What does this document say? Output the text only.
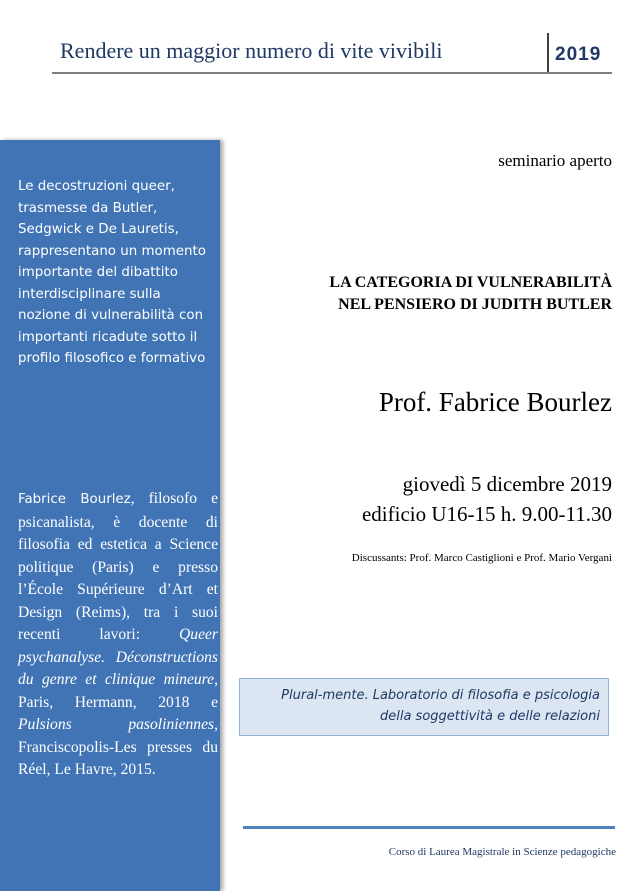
Rendere un maggior numero di vite vivibili	2019
Le decostruzioni queer, trasmesse da Butler, Sedgwick e De Lauretis, rappresentano un momento importante del dibattito interdisciplinare sulla nozione di vulnerabilità con importanti ricadute sotto il profilo filosofico e formativo
Fabrice Bourlez, filosofo e psicanalista, è docente di filosofia ed estetica a Science politique (Paris) e presso l’École Supérieure d’Art et Design (Reims), tra i suoi recenti lavori: Queer psychanalyse. Déconstructions du genre et clinique mineure, Paris, Hermann, 2018 e Pulsions pasoliniennes, Franciscopolis-Les presses du Réel, Le Havre, 2015.
seminario aperto
LA CATEGORIA DI VULNERABILITÀ
NEL PENSIERO DI JUDITH BUTLER
Prof. Fabrice Bourlez
giovedì 5 dicembre 2019
edificio U16-15 h. 9.00-11.30
Discussants: Prof. Marco Castiglioni e Prof. Mario Vergani
Plural-mente. Laboratorio di filosofia e psicologia
della soggettività e delle relazioni
Corso di Laurea Magistrale in Scienze pedagogiche
